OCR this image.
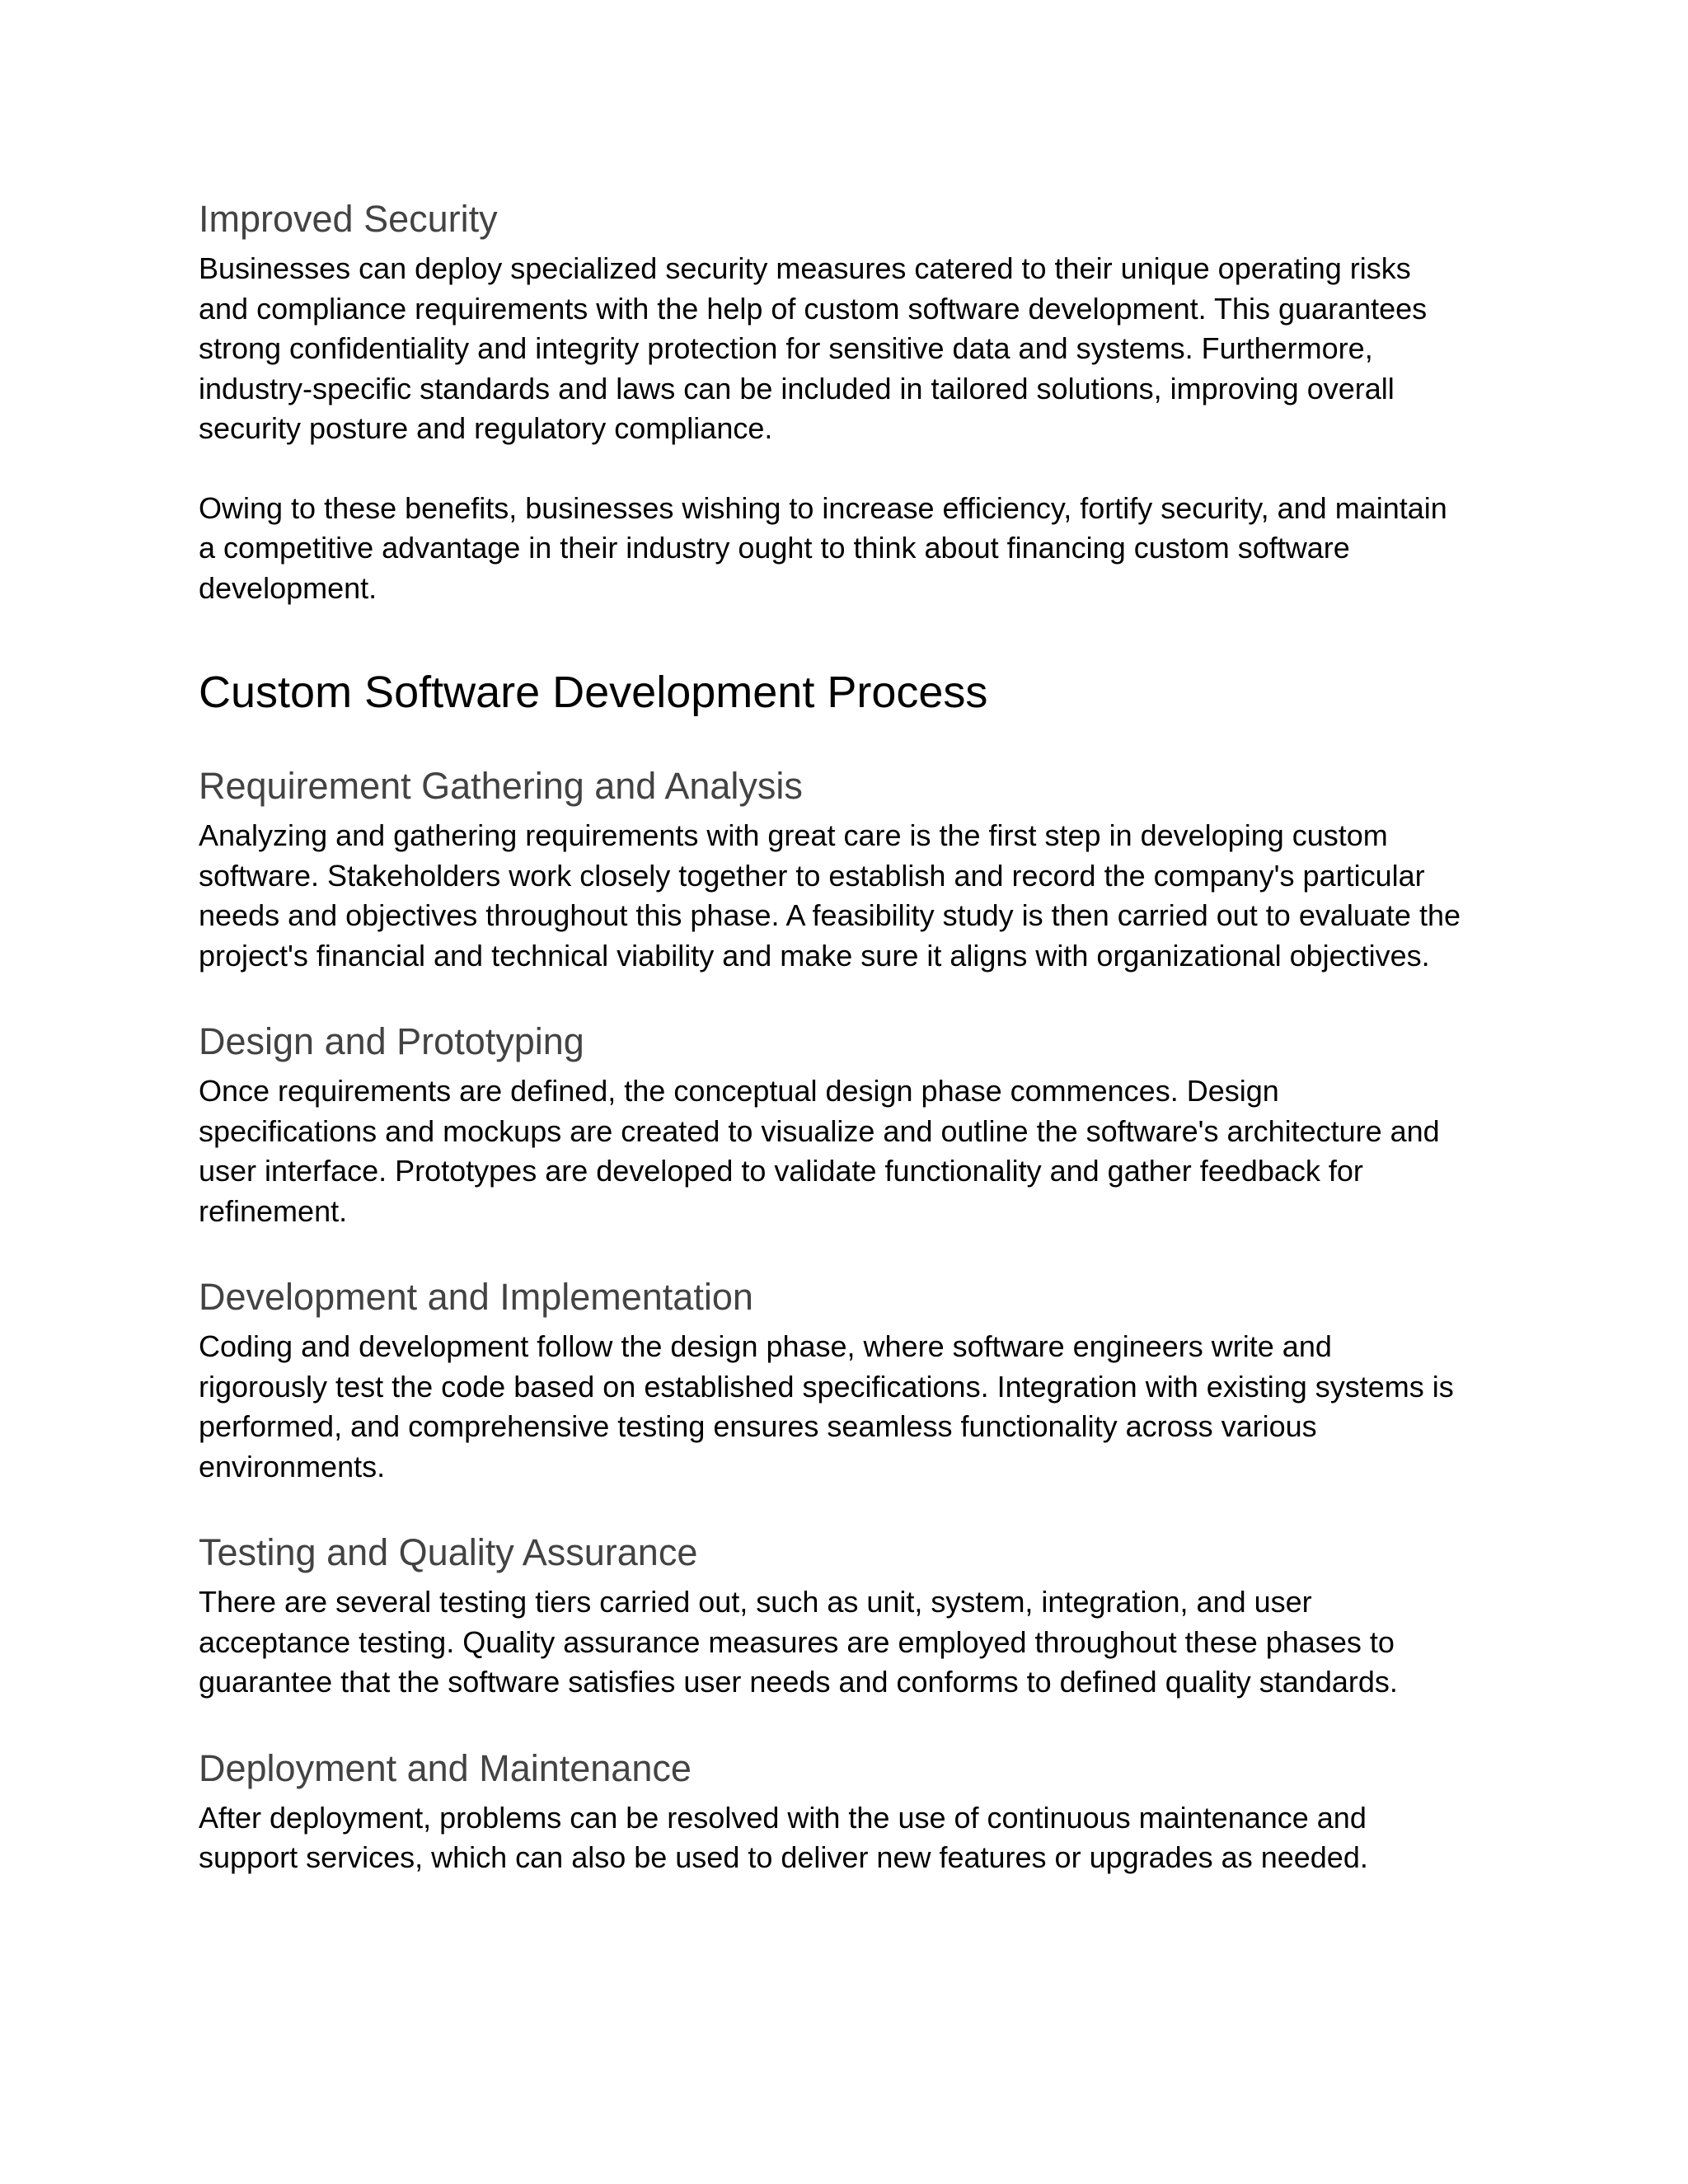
Improved Security

Businesses can deploy specialized security measures catered to their unique operating risks
and compliance requirements with the help of custom software development. This guarantees
strong confidentiality and integrity protection for sensitive data and systems. Furthermore,
industry-specific standards and laws can be included in tailored solutions, improving overall
security posture and regulatory compliance.

Owing to these benefits, businesses wishing to increase efficiency, fortify security, and maintain
a competitive advantage in their industry ought to think about financing custom software
development.

Custom Software Development Process
Requirement Gathering and Analysis

Analyzing and gathering requirements with great care is the first step in developing custom
software. Stakeholders work closely together to establish and record the company's particular
needs and objectives throughout this phase. A feasibility study is then carried out to evaluate the
project's financial and technical viability and make sure it aligns with organizational objectives.

Design and Prototyping

Once requirements are defined, the conceptual design phase commences. Design
specifications and mockups are created to visualize and outline the software's architecture and
user interface. Prototypes are developed to validate functionality and gather feedback for
refinement.

Development and Implementation

Coding and development follow the design phase, where software engineers write and
rigorously test the code based on established specifications. Integration with existing systems is
performed, and comprehensive testing ensures seamless functionality across various
environments.

Testing and Quality Assurance

There are several testing tiers carried out, such as unit, system, integration, and user
acceptance testing. Quality assurance measures are employed throughout these phases to
guarantee that the software satisfies user needs and conforms to defined quality standards.

Deployment and Maintenance

After deployment, problems can be resolved with the use of continuous maintenance and
support services, which can also be used to deliver new features or upgrades as needed.
